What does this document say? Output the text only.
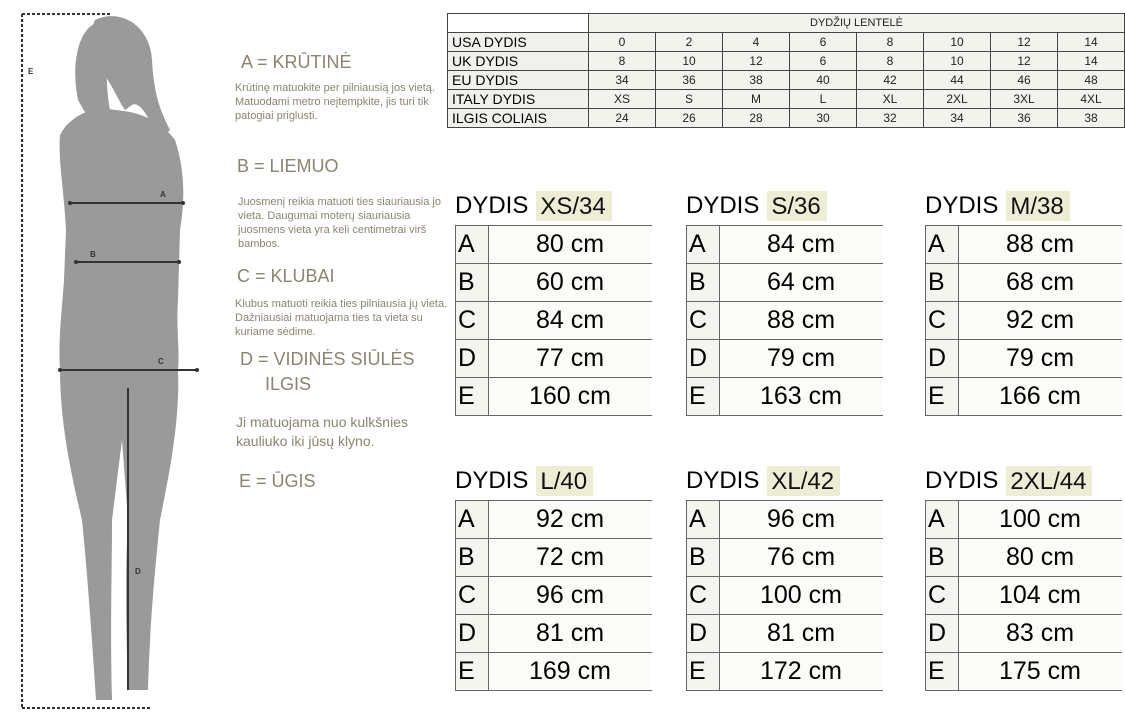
A
B
C
D
E	A = KRŪTINĖ
Krūtinę matuokite per pilniausią jos vietą. Matuodami metro neįtempkite, jis turi tik patogiai priglusti.
B = LIEMUO
Juosmenį reikia matuoti ties siauriausia jo vieta. Daugumai moterų siauriausia juosmens vieta yra keli centimetrai virš bambos.
C = KLUBAI
Klubus matuoti reikia ties pilniausia jų vieta. Dažniausiai matuojama ties ta vieta su kuriame sėdime.
D = VIDINĖS SIŪLĖS
ILGIS
Ji matuojama nuo kulkšnies kauliuko iki jūsų klyno.
E = ŪGIS
	DYDŽIŲ LENTELĖ							
USA DYDIS	0	2	4	6	8	10	12	14
UK DYDIS	8	10	12	6	8	10	12	14
EU DYDIS	34	36	38	40	42	44	46	48
ITALY DYDIS	XS	S	M	L	XL	2XL	3XL	4XL
ILGIS COLIAIS	24	26	28	30	32	34	36	38
DYDIS XS/34
A	80 cm
B	60 cm
C	84 cm
D	77 cm
E	160 cm
DYDIS S/36
A	84 cm
B	64 cm
C	88 cm
D	79 cm
E	163 cm
DYDIS M/38
A	88 cm
B	68 cm
C	92 cm
D	79 cm
E	166 cm
DYDIS L/40
A	92 cm
B	72 cm
C	96 cm
D	81 cm
E	169 cm
DYDIS XL/42
A	96 cm
B	76 cm
C	100 cm
D	81 cm
E	172 cm
DYDIS 2XL/44
A	100 cm
B	80 cm
C	104 cm
D	83 cm
E	175 cm
